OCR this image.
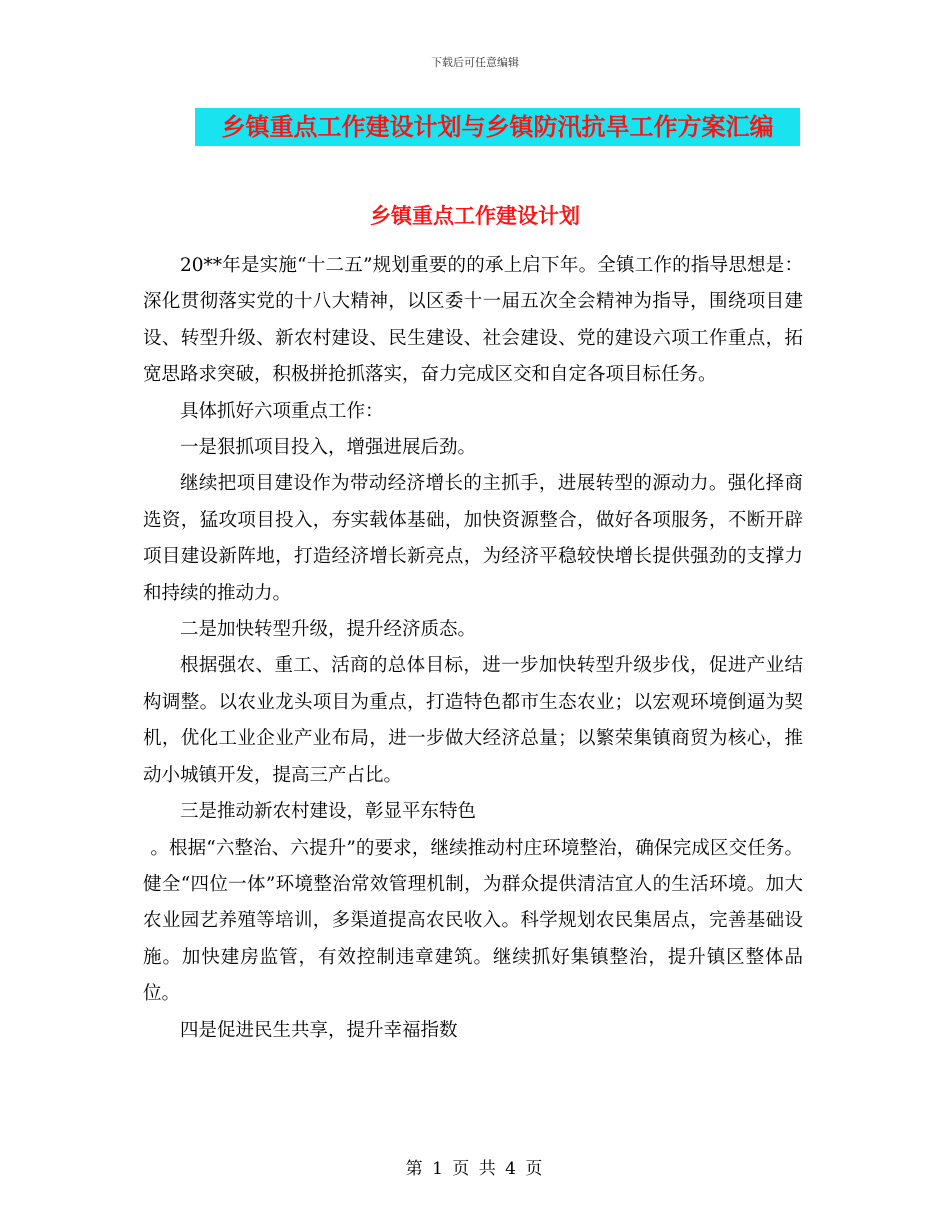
下载后可任意编辑
乡镇重点工作建设计划与乡镇防汛抗旱工作方案汇编
乡镇重点工作建设计划

20**年是实施“十二五”规划重要的的承上启下年。全镇工作的指导思想是：深化贯彻落实党的十八大精神，以区委十一届五次全会精神为指导，围绕项目建设、转型升级、新农村建设、民生建设、社会建设、党的建设六项工作重点，拓宽思路求突破，积极拼抢抓落实，奋力完成区交和自定各项目标任务。

具体抓好六项重点工作：

一是狠抓项目投入，增强进展后劲。

继续把项目建设作为带动经济增长的主抓手，进展转型的源动力。强化择商选资，猛攻项目投入，夯实载体基础，加快资源整合，做好各项服务，不断开辟项目建设新阵地，打造经济增长新亮点，为经济平稳较快增长提供强劲的支撑力和持续的推动力。

二是加快转型升级，提升经济质态。

根据强农、重工、活商的总体目标，进一步加快转型升级步伐，促进产业结构调整。以农业龙头项目为重点，打造特色都市生态农业；以宏观环境倒逼为契机，优化工业企业产业布局，进一步做大经济总量；以繁荣集镇商贸为核心，推动小城镇开发，提高三产占比。

三是推动新农村建设，彰显平东特色

。根据“六整治、六提升”的要求，继续推动村庄环境整治，确保完成区交任务。健全“四位一体”环境整治常效管理机制，为群众提供清洁宜人的生活环境。加大农业园艺养殖等培训，多渠道提高农民收入。科学规划农民集居点，完善基础设施。加快建房监管，有效控制违章建筑。继续抓好集镇整治，提升镇区整体品位。

四是促进民生共享，提升幸福指数

第 1 页 共 4 页
